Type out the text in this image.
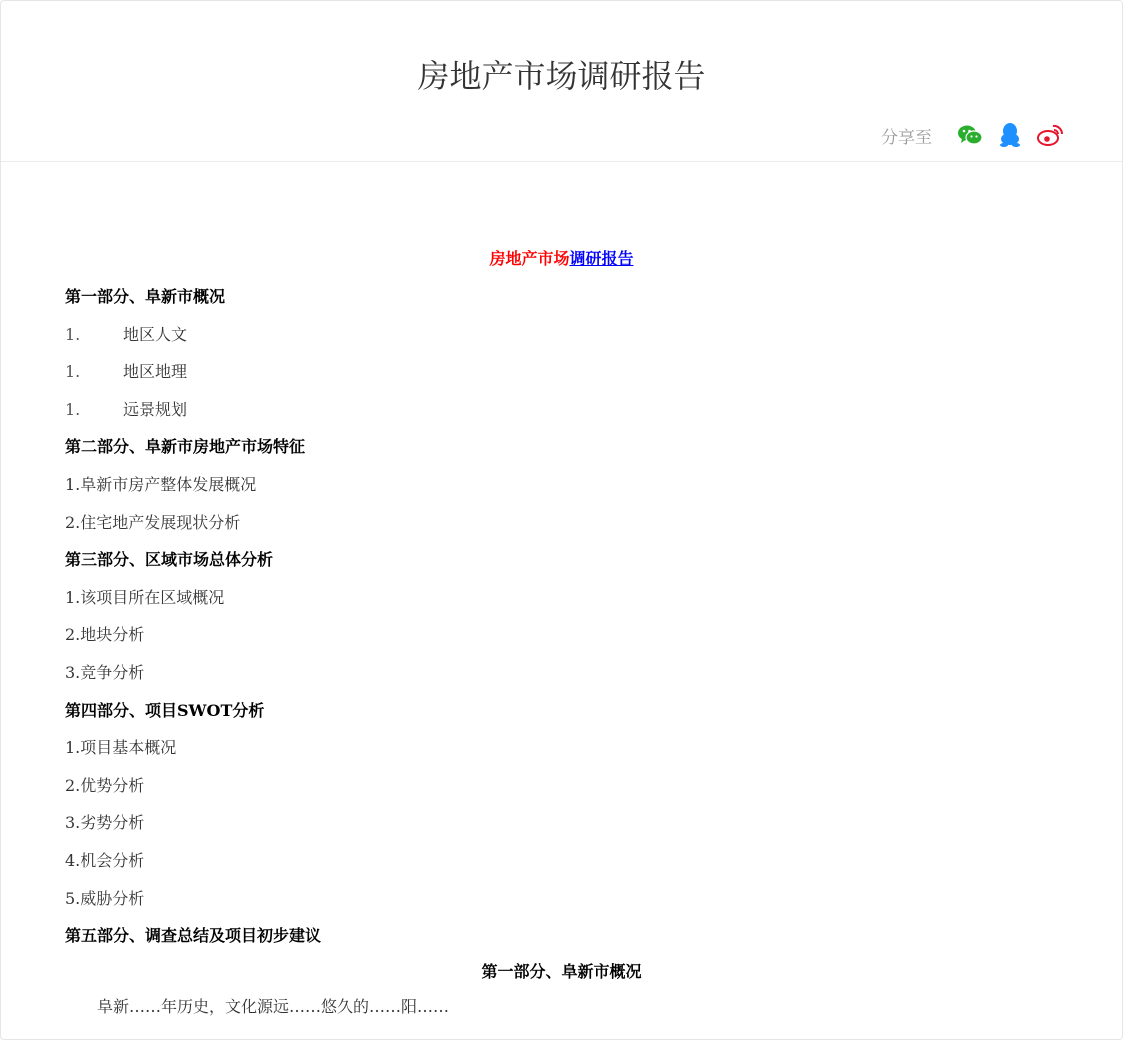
房地产市场调研报告
分享至
房地产市场调研报告
第一部分、阜新市概况
1.	地区人文
1.	地区地理
1.	远景规划
第二部分、阜新市房地产市场特征
1.阜新市房产整体发展概况
2.住宅地产发展现状分析
第三部分、区域市场总体分析
1.该项目所在区域概况
2.地块分析
3.竞争分析
第四部分、项目SWOT分析
1.项目基本概况
2.优势分析
3.劣势分析
4.机会分析
5.威胁分析
第五部分、调查总结及项目初步建议
第一部分、阜新市概况
阜新……年历史，文化源远……悠久的……阳……
